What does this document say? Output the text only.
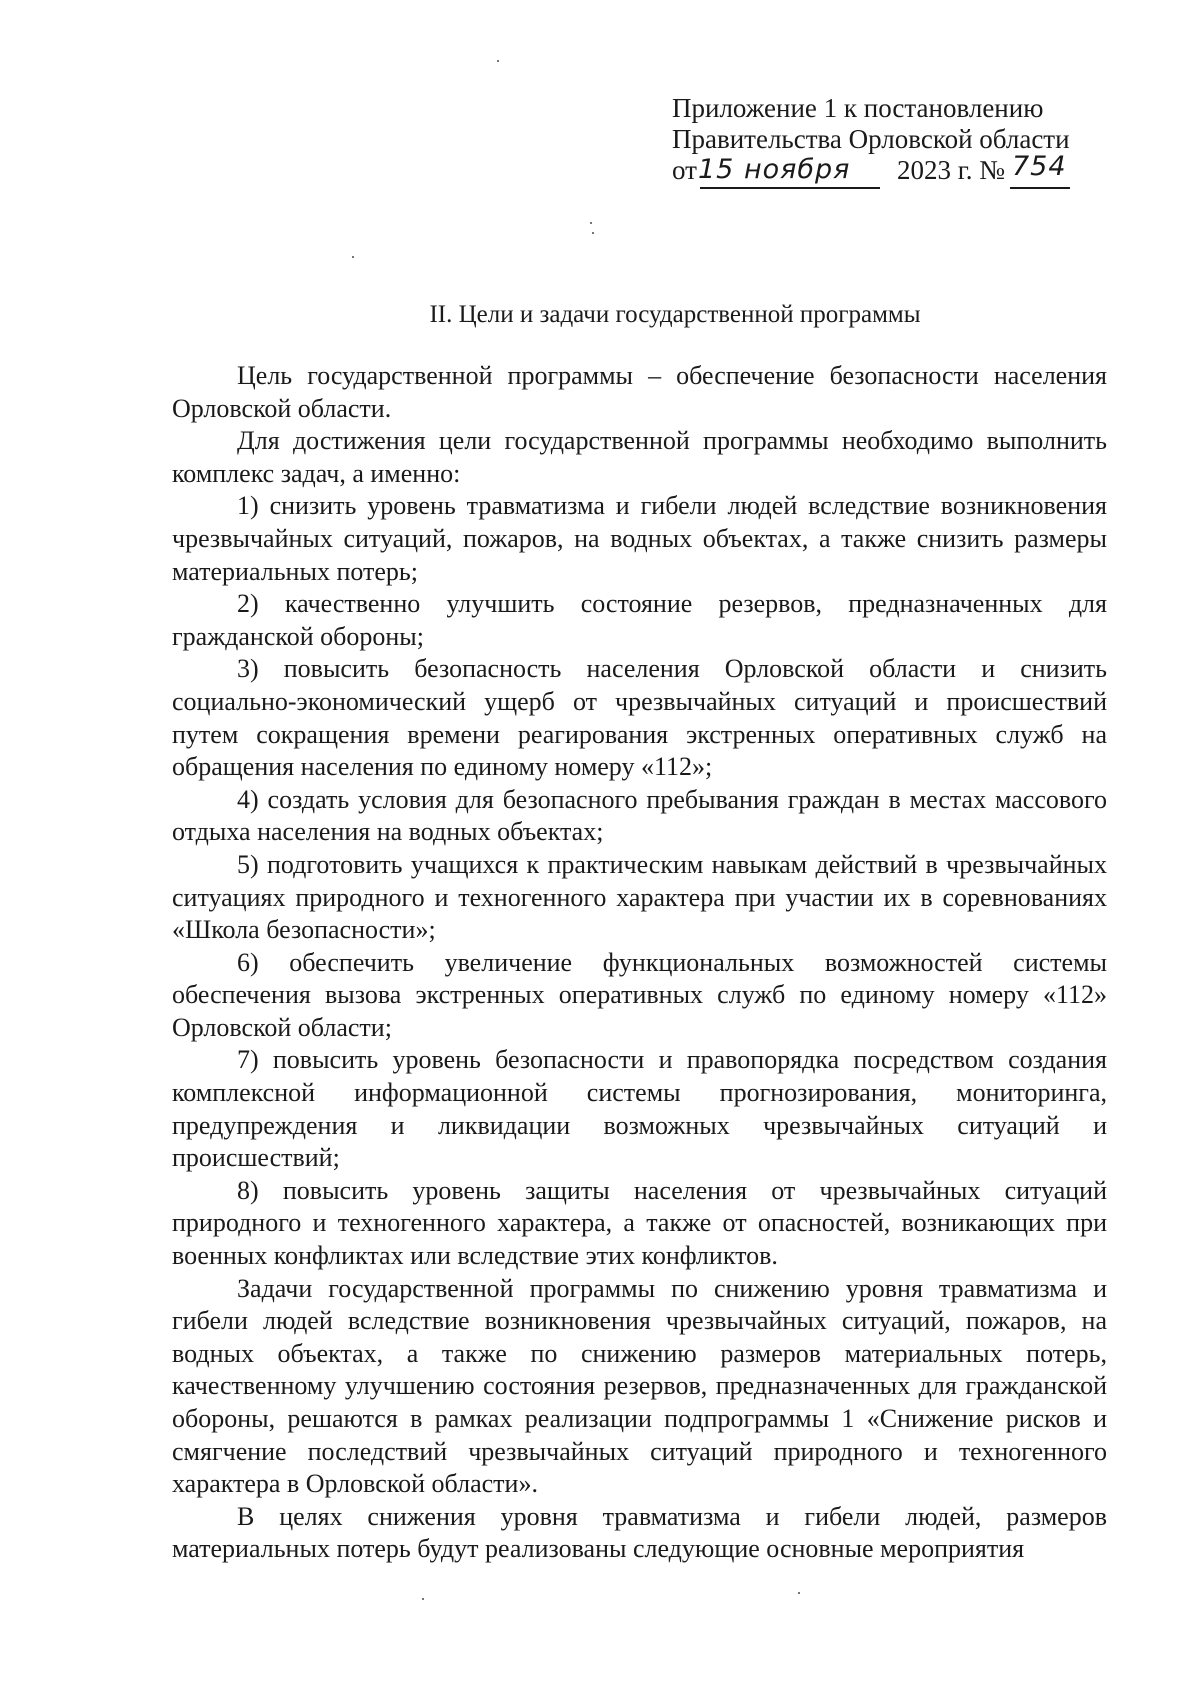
Приложение 1 к постановлению
Правительства Орловской области
от	2023 г. №
15 ноября	754
II. Цели и задачи государственной программы

Цель государственной программы – обеспечение безопасности населения Орловской области.

Для достижения цели государственной программы необходимо выполнить комплекс задач, а именно:

1) снизить уровень травматизма и гибели людей вследствие возникновения чрезвычайных ситуаций, пожаров, на водных объектах, а также снизить размеры материальных потерь;

2) качественно улучшить состояние резервов, предназначенных для гражданской обороны;

3) повысить безопасность населения Орловской области и снизить социально-экономический ущерб от чрезвычайных ситуаций и происшествий путем сокращения времени реагирования экстренных оперативных служб на обращения населения по единому номеру «112»;

4) создать условия для безопасного пребывания граждан в местах массового отдыха населения на водных объектах;

5) подготовить учащихся к практическим навыкам действий в чрезвычайных ситуациях природного и техногенного характера при участии их в соревнованиях «Школа безопасности»;

6) обеспечить увеличение функциональных возможностей системы обеспечения вызова экстренных оперативных служб по единому номеру «112» Орловской области;

7) повысить уровень безопасности и правопорядка посредством создания комплексной информационной системы прогнозирования, мониторинга, предупреждения и ликвидации возможных чрезвычайных ситуаций и происшествий;

8) повысить уровень защиты населения от чрезвычайных ситуаций природного и техногенного характера, а также от опасностей, возникающих при военных конфликтах или вследствие этих конфликтов.

Задачи государственной программы по снижению уровня травматизма и гибели людей вследствие возникновения чрезвычайных ситуаций, пожаров, на водных объектах, а также по снижению размеров материальных потерь, качественному улучшению состояния резервов, предназначенных для гражданской обороны, решаются в рамках реализации подпрограммы 1 «Снижение рисков и смягчение последствий чрезвычайных ситуаций природного и техногенного характера в Орловской области».

В целях снижения уровня травматизма и гибели людей, размеров материальных потерь будут реализованы следующие основные мероприятия
